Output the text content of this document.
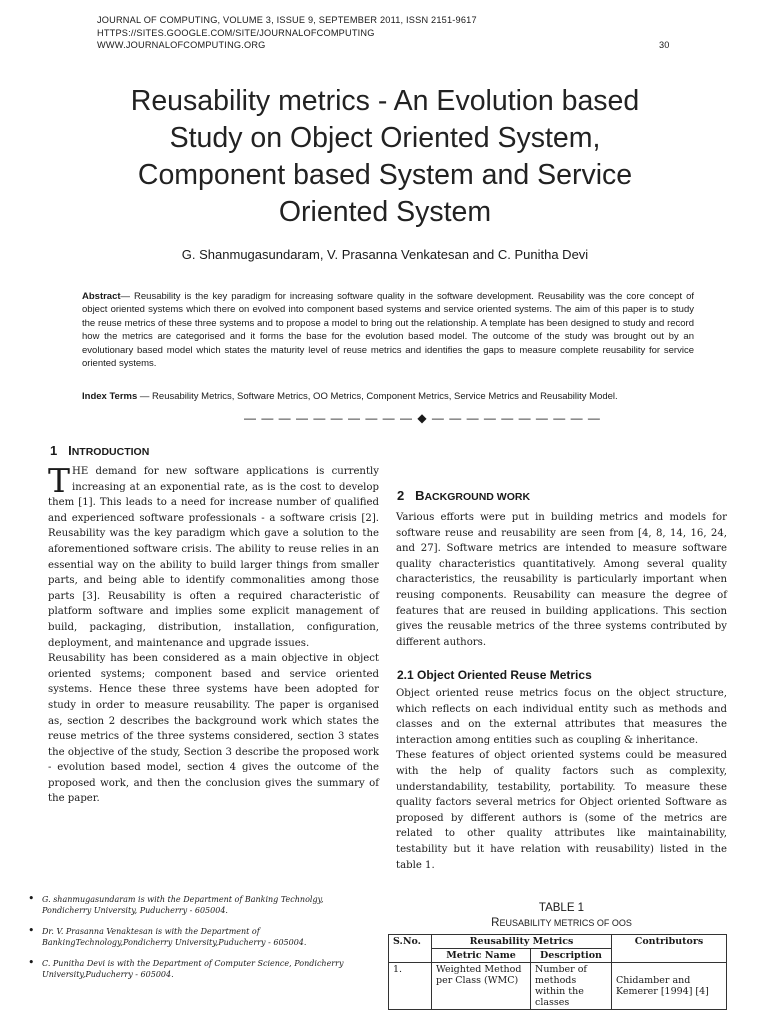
JOURNAL OF COMPUTING, VOLUME 3, ISSUE 9, SEPTEMBER 2011, ISSN 2151-9617
HTTPS://SITES.GOOGLE.COM/SITE/JOURNALOFCOMPUTING
WWW.JOURNALOFCOMPUTING.ORG	30
Reusability metrics - An Evolution based
Study on Object Oriented System,
Component based System and Service
Oriented System
G. Shanmugasundaram, V. Prasanna Venkatesan and C. Punitha Devi
Abstract— Reusability is the key paradigm for increasing software quality in the software development. Reusability was the core concept of object oriented systems which there on evolved into component based systems and service oriented systems. The aim of this paper is to study the reuse metrics of these three systems and to propose a model to bring out the relationship. A template has been designed to study and record how the metrics are categorised and it forms the base for the evolution based model. The outcome of the study was brought out by an evolutionary based model which states the maturity level of reuse metrics and identifies the gaps to measure complete reusability for service oriented systems.
Index Terms — Reusability Metrics, Software Metrics, OO Metrics, Component Metrics, Service Metrics and Reusability Model.
— — — — — — — — — — ◆ — — — — — — — — — —
1 INTRODUCTION

THE demand for new software applications is currently increasing at an exponential rate, as is the cost to develop them [1]. This leads to a need for increase number of qualified and experienced software professionals - a software crisis [2]. Reusability was the key paradigm which gave a solution to the aforementioned software crisis. The ability to reuse relies in an essential way on the ability to build larger things from smaller parts, and being able to identify commonalities among those parts [3]. Reusability is often a required characteristic of platform software and implies some explicit management of build, packaging, distribution, installation, configuration, deployment, and maintenance and upgrade issues.

Reusability has been considered as a main objective in object oriented systems; component based and service oriented systems. Hence these three systems have been adopted for study in order to measure reusability. The paper is organised as, section 2 describes the background work which states the reuse metrics of the three systems considered, section 3 states the objective of the study, Section 3 describe the proposed work - evolution based model, section 4 gives the outcome of the proposed work, and then the conclusion gives the summary of the paper.

• G. shanmugasundaram is with the Department of Banking Technolgy, Pondicherry University, Puducherry - 605004.
• Dr. V. Prasanna Venaktesan is with the Department of BankingTechnology,Pondicherry University,Puducherry - 605004.
• C. Punitha Devi is with the Department of Computer Science, Pondicherry University,Puducherry - 605004.
2 BACKGROUND WORK

Various efforts were put in building metrics and models for software reuse and reusability are seen from [4, 8, 14, 16, 24, and 27]. Software metrics are intended to measure software quality characteristics quantitatively. Among several quality characteristics, the reusability is particularly important when reusing components. Reusability can measure the degree of features that are reused in building applications. This section gives the reusable metrics of the three systems contributed by different authors.

2.1 Object Oriented Reuse Metrics

Object oriented reuse metrics focus on the object structure, which reflects on each individual entity such as methods and classes and on the external attributes that measures the interaction among entities such as coupling & inheritance.

These features of object oriented systems could be measured with the help of quality factors such as complexity, understandability, testability, portability. To measure these quality factors several metrics for Object oriented Software as proposed by different authors is (some of the metrics are related to other quality attributes like maintainability, testability but it have relation with reusability) listed in the table 1.

TABLE 1
REUSABILITY METRICS OF OOS
S.No.	Reusability Metrics		Contributors
	Metric Name	Description	
1.	Weighted Method per Class (WMC)	Number of methods within the classes	Chidamber and Kemerer [1994] [4]
